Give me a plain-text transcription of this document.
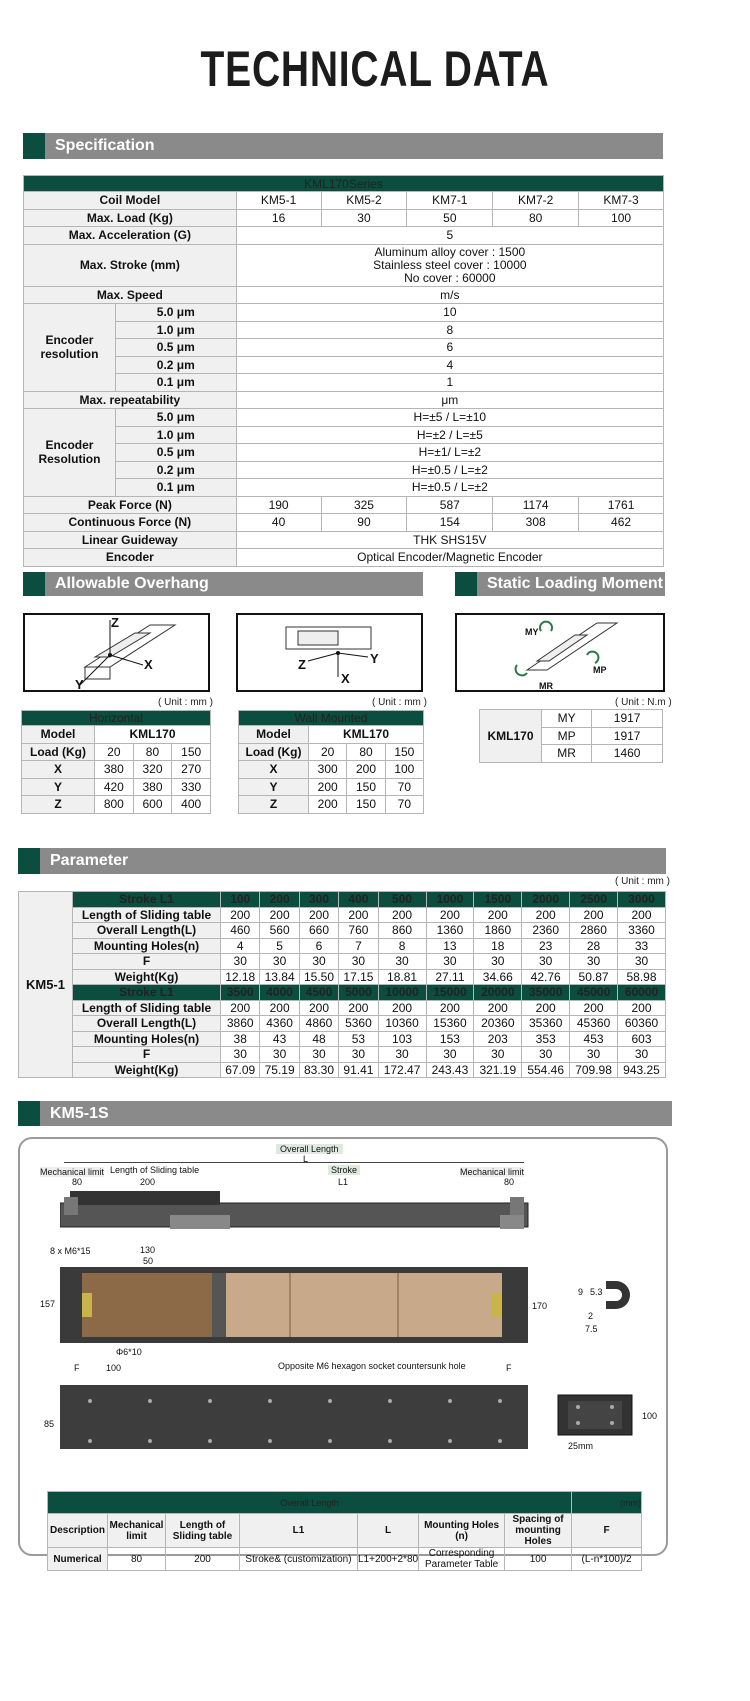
TECHNICAL DATA
Specification
KML170Series						
Coil Model		KM5-1	KM5-2	KM7-1	KM7-2	KM7-3
Max. Load (Kg)		16	30	50	80	100
Max. Acceleration (G)		5				
Max. Stroke (mm)		Aluminum alloy cover : 1500
Stainless steel cover : 10000
No cover : 60000				

Max. Speed		m/s				
Encoder resolution	5.0 μm	10				
	1.0 μm	8				
	0.5 μm	6				
	0.2 μm	4				
	0.1 μm	1				
Max. repeatability		μm				
Encoder Resolution	5.0 μm	H=±5 / L=±10				
	1.0 μm	H=±2 / L=±5				
	0.5 μm	H=±1/ L=±2				
	0.2 μm	H=±0.5 / L=±2				
	0.1 μm	H=±0.5 / L=±2				
Peak Force (N)		190	325	587	1174	1761
Continuous Force (N)		40	90	154	308	462
Linear Guideway		THK SHS15V				
Encoder		Optical Encoder/Magnetic Encoder				
Allowable Overhang	Static Loading Moment
Z
X
Y
Z	Y
X
MY
MP
MR
( Unit : mm )	( Unit : mm )	( Unit : N.m )
Horizontal			
Model	KML170		
Load (Kg)	20	80	150
X	380	320	270
Y	420	380	330
Z	800	600	400
Wall Mounted			
Model	KML170		
Load (Kg)	20	80	150
X	300	200	100
Y	200	150	70
Z	200	150	70
KML170	MY	1917
	MP	1917
	MR	1460
Parameter
( Unit : mm )
KM5-1	Stroke L1	100	200	300	400	500	1000	1500	2000	2500	3000
	Length of Sliding table	200	200	200	200	200	200	200	200	200	200
	Overall Length(L)	460	560	660	760	860	1360	1860	2360	2860	3360
	Mounting Holes(n)	4	5	6	7	8	13	18	23	28	33
	F	30	30	30	30	30	30	30	30	30	30
	Weight(Kg)	12.18	13.84	15.50	17.15	18.81	27.11	34.66	42.76	50.87	58.98
	Stroke L1	3500	4000	4500	5000	10000	15000	20000	35000	45000	60000
	Length of Sliding table	200	200	200	200	200	200	200	200	200	200
	Overall Length(L)	3860	4360	4860	5360	10360	15360	20360	35360	45360	60360
	Mounting Holes(n)	38	43	48	53	103	153	203	353	453	603
	F	30	30	30	30	30	30	30	30	30	30
	Weight(Kg)	67.09	75.19	83.30	91.41	172.47	243.43	321.19	554.46	709.98	943.25
KM5-1S
Overall Length
L
Mechanical limit Length of Sliding table	Stroke	Mechanical limit
80	200	L1	80
8 x M6*15	130
50
157	170
Φ6*10
9 5.3
2
7.5
Opposite M6 hexagon socket countersunk hole
F	100	F
85
100
25mm
Overall Length							(mm)
Description	Mechanical limit	Length of Sliding table	L1	L	Mounting Holes (n)	Spacing of mounting Holes	F
Numerical	80	200	Stroke& (customization)	L1+200+2*80	Corresponding Parameter Table	100	(L-n*100)/2
